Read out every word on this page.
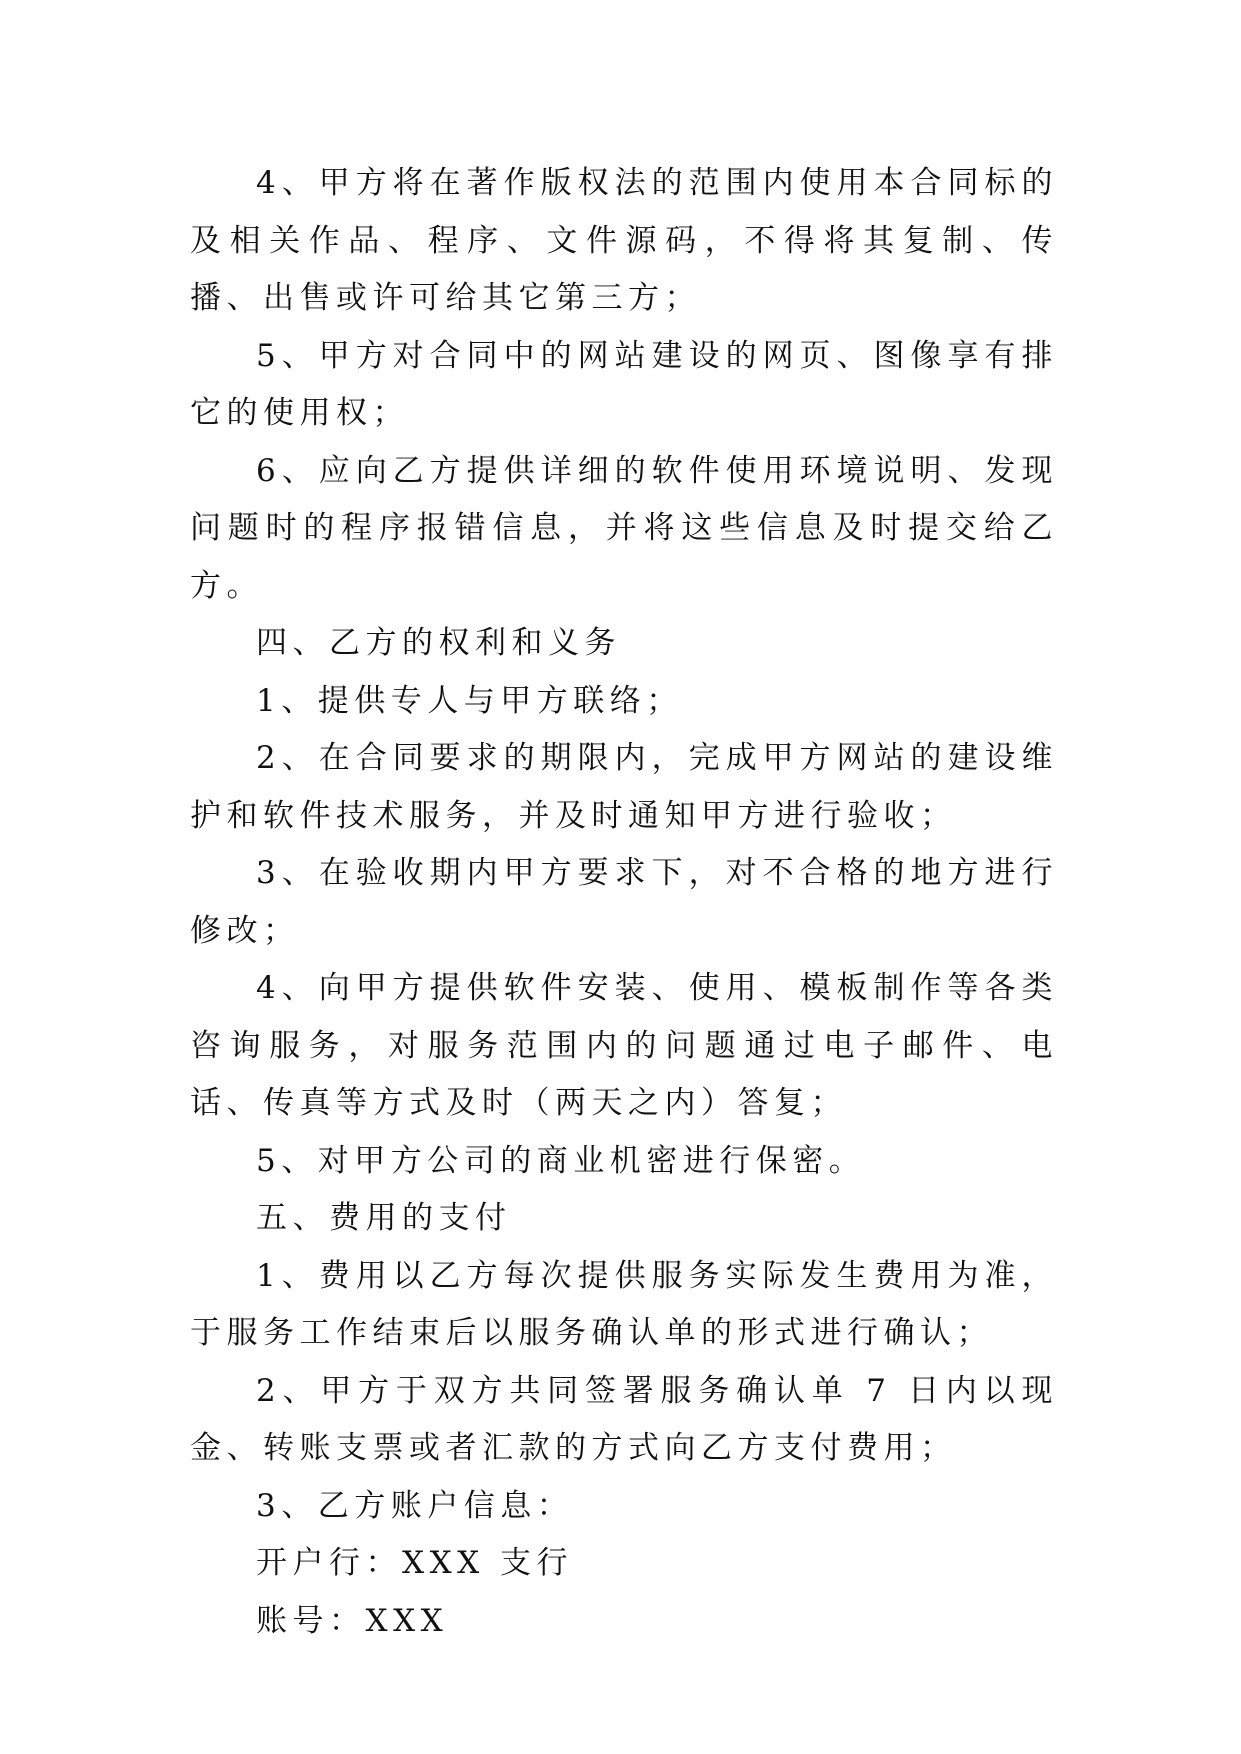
4、甲方将在著作版权法的范围内使用本合同标的及相关作品、程序、文件源码，不得将其复制、传播、出售或许可给其它第三方；

5、甲方对合同中的网站建设的网页、图像享有排它的使用权；

6、应向乙方提供详细的软件使用环境说明、发现问题时的程序报错信息，并将这些信息及时提交给乙方。

四、乙方的权利和义务

1、提供专人与甲方联络；

2、在合同要求的期限内，完成甲方网站的建设维护和软件技术服务，并及时通知甲方进行验收；

3、在验收期内甲方要求下，对不合格的地方进行修改；

4、向甲方提供软件安装、使用、模板制作等各类咨询服务，对服务范围内的问题通过电子邮件、电话、传真等方式及时（两天之内）答复；

5、对甲方公司的商业机密进行保密。

五、费用的支付

1、费用以乙方每次提供服务实际发生费用为准，于服务工作结束后以服务确认单的形式进行确认；

2、甲方于双方共同签署服务确认单 7 日内以现金、转账支票或者汇款的方式向乙方支付费用；

3、乙方账户信息：

开户行：XXX 支行

账号：XXX
